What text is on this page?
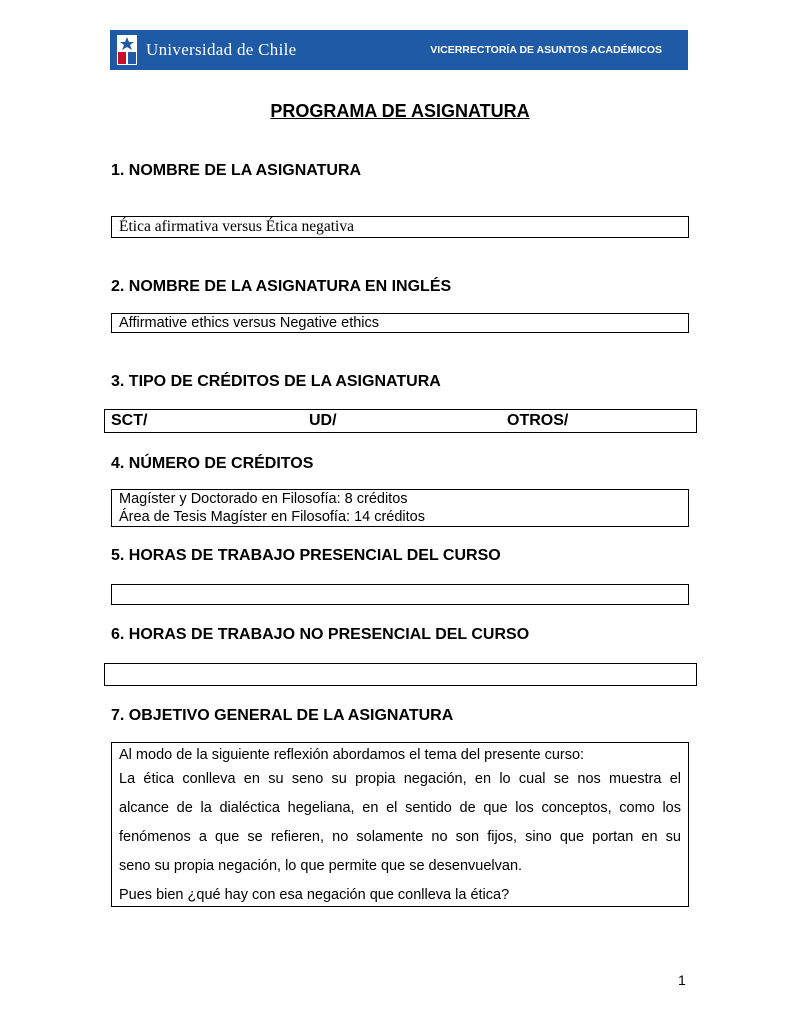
Universidad de Chile	VICERRECTORÍA DE ASUNTOS ACADÉMICOS
PROGRAMA DE ASIGNATURA
1. NOMBRE DE LA ASIGNATURA
Ética afirmativa versus Ética negativa
2. NOMBRE DE LA ASIGNATURA EN INGLÉS
Affirmative ethics versus Negative ethics
3. TIPO DE CRÉDITOS DE LA ASIGNATURA
SCT/	UD/	OTROS/
4. NÚMERO DE CRÉDITOS
Magíster y Doctorado en Filosofía: 8 créditos
Área de Tesis Magíster en Filosofía: 14 créditos
5. HORAS DE TRABAJO PRESENCIAL DEL CURSO
6. HORAS DE TRABAJO NO PRESENCIAL DEL CURSO
7. OBJETIVO GENERAL DE LA ASIGNATURA

Al modo de la siguiente reflexión abordamos el tema del presente curso:

La ética conlleva en su seno su propia negación, en lo cual se nos muestra el

alcance de la dialéctica hegeliana, en el sentido de que los conceptos, como los

fenómenos a que se refieren, no solamente no son fijos, sino que portan en su

seno su propia negación, lo que permite que se desenvuelvan.

Pues bien ¿qué hay con esa negación que conlleva la ética?

1
